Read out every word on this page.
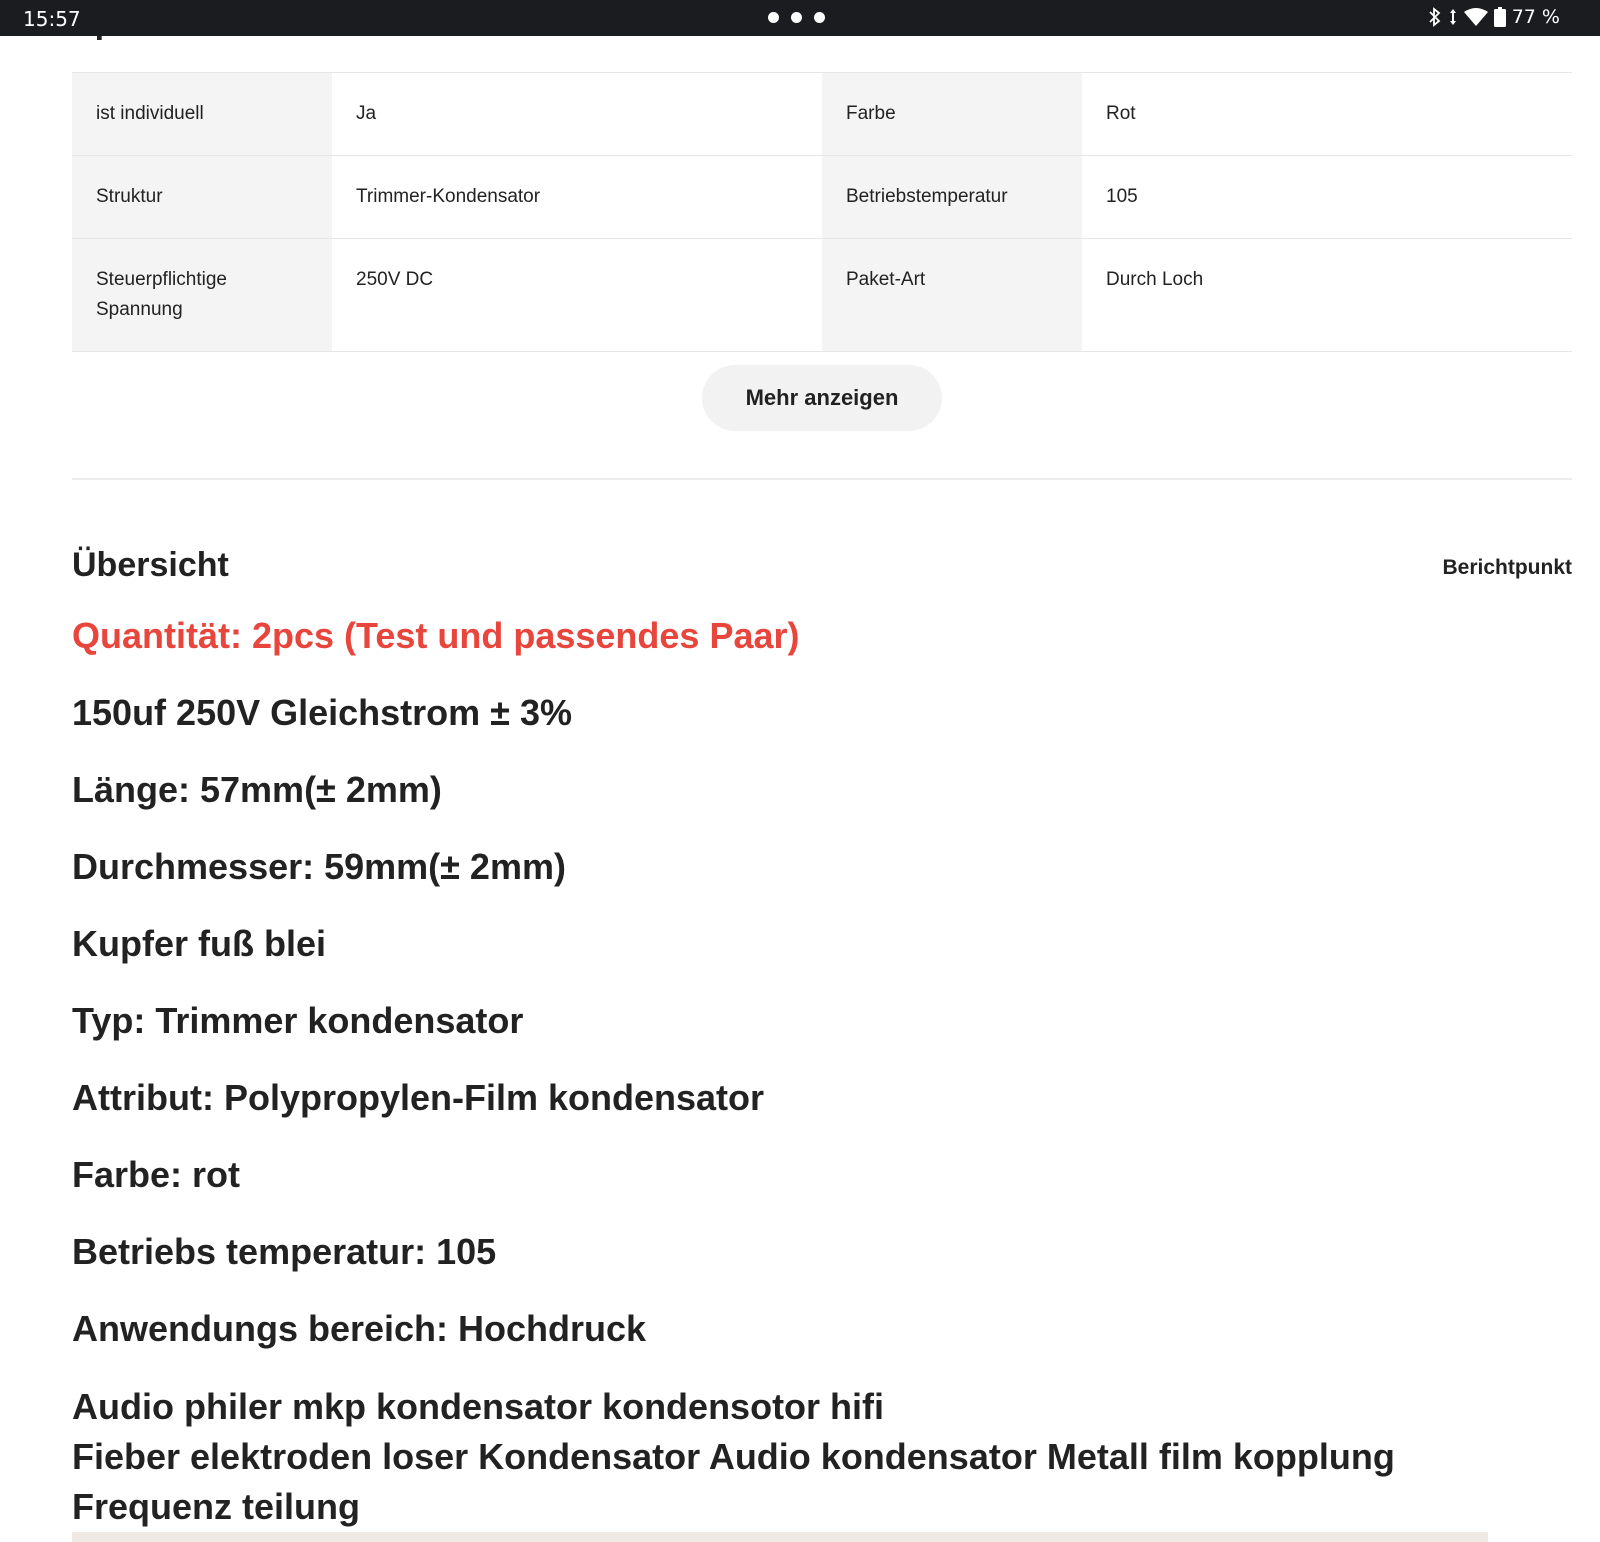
15:57	77 %
ist individuell	Ja	Farbe	Rot
Struktur	Trimmer-Kondensator	Betriebstemperatur	105
Steuerpflichtige Spannung	250V DC	Paket-Art	Durch Loch
Mehr anzeigen
Übersicht	Berichtpunkt

Quantität: 2pcs (Test und passendes Paar)

150uf 250V Gleichstrom ± 3%

Länge: 57mm(± 2mm)

Durchmesser: 59mm(± 2mm)

Kupfer fuß blei

Typ: Trimmer kondensator

Attribut: Polypropylen-Film kondensator

Farbe: rot

Betriebs temperatur: 105

Anwendungs bereich: Hochdruck

Audio philer mkp kondensator kondensotor hifi

Fieber elektroden loser Kondensator Audio kondensator Metall film kopplung

Frequenz teilung
